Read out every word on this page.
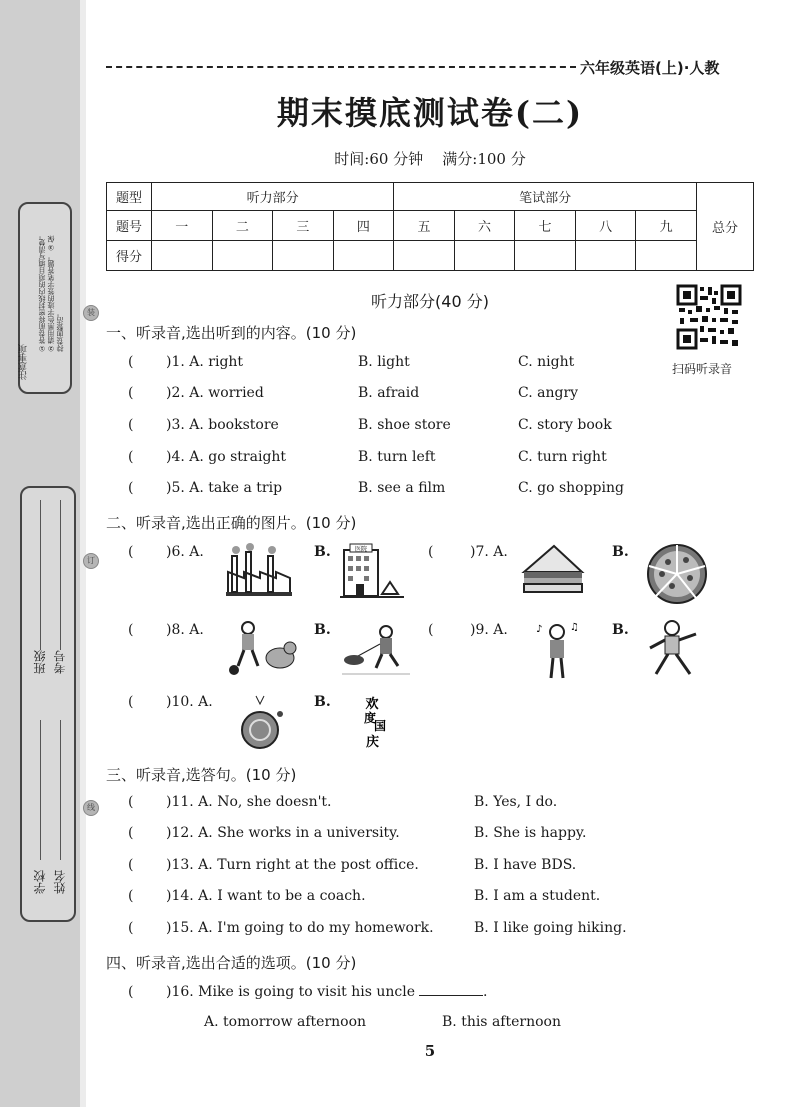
①答卷前将密封线内的项目填写清楚。 ②请用黑色字迹的签字笔答题。 ③保持卷面整洁。
注意事项
班级 考号
学校 姓名
装
订
线
六年级英语(上)·人教
期末摸底测试卷(二)
时间:60 分钟 满分:100 分
题型	听力部分				笔试部分					总分
题号	一	二	三	四	五	六	七	八	九	
得分										
听力部分(40 分)
扫码听录音
一、听录音,选出听到的内容。(10 分)
( )1. A. right	B. light	C. night
( )2. A. worried	B. afraid	C. angry
( )3. A. bookstore	B. shoe store	C. story book
( )4. A. go straight	B. turn left	C. turn right
( )5. A. take a trip	B. see a film	C. go shopping
二、听录音,选出正确的图片。(10 分)
( )6. A.	B.	医院	(	)7. A.	B.
( )8. A.	B.	(	)9. A.	♪	♫ B.
( )10. A.	B.	欢
度
国
庆
三、听录音,选答句。(10 分)
( )11. A. No, she doesn't.	B. Yes, I do.
( )12. A. She works in a university.	B. She is happy.
( )13. A. Turn right at the post office.	B. I have BDS.
( )14. A. I want to be a coach.	B. I am a student.
( )15. A. I'm going to do my homework.	B. I like going hiking.
四、听录音,选出合适的选项。(10 分)
( )16. Mike is going to visit his uncle	.
A. tomorrow afternoon	B. this afternoon
5
